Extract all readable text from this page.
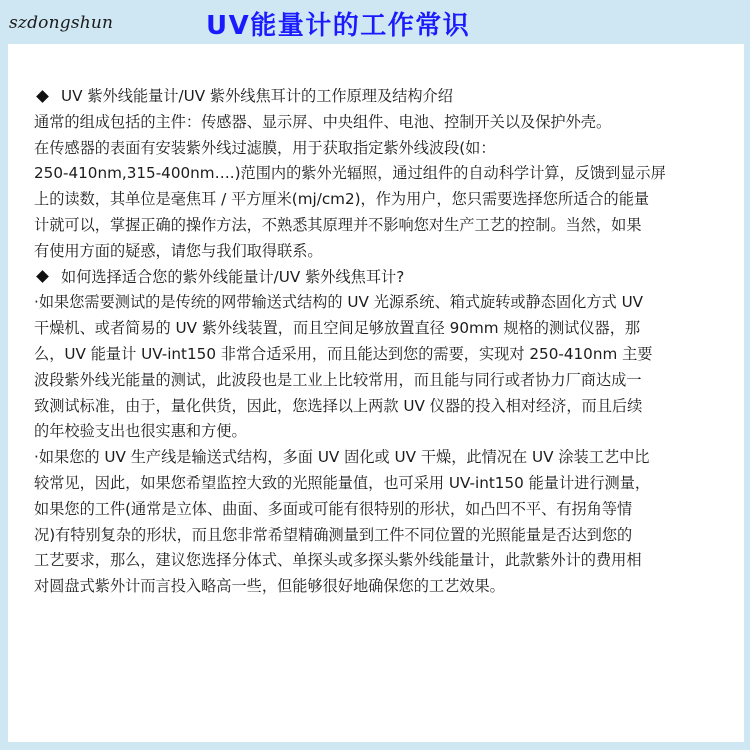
szdongshun	UV能量计的工作常识

UV 紫外线能量计/UV 紫外线焦耳计的工作原理及结构介绍

通常的组成包括的主件：传感器、显示屏、中央组件、电池、控制开关以及保护外壳。

在传感器的表面有安装紫外线过滤膜，用于获取指定紫外线波段(如：

250-410nm,315-400nm….)范围内的紫外光辐照，通过组件的自动科学计算，反馈到显示屏

上的读数，其单位是毫焦耳 / 平方厘米(mj/cm2)，作为用户，您只需要选择您所适合的能量

计就可以，掌握正确的操作方法，不熟悉其原理并不影响您对生产工艺的控制。当然，如果

有使用方面的疑惑，请您与我们取得联系。

如何选择适合您的紫外线能量计/UV 紫外线焦耳计?

·如果您需要测试的是传统的网带输送式结构的 UV 光源系统、箱式旋转或静态固化方式 UV

干燥机、或者简易的 UV 紫外线装置，而且空间足够放置直径 90mm 规格的测试仪器，那

么，UV 能量计 UV-int150 非常合适采用，而且能达到您的需要，实现对 250-410nm 主要

波段紫外线光能量的测试，此波段也是工业上比较常用，而且能与同行或者协力厂商达成一

致测试标准，由于，量化供货，因此，您选择以上两款 UV 仪器的投入相对经济，而且后续

的年校验支出也很实惠和方便。

·如果您的 UV 生产线是输送式结构，多面 UV 固化或 UV 干燥，此情况在 UV 涂装工艺中比

较常见，因此，如果您希望监控大致的光照能量值，也可采用 UV-int150 能量计进行测量，

如果您的工件(通常是立体、曲面、多面或可能有很特别的形状，如凸凹不平、有拐角等情

况)有特别复杂的形状，而且您非常希望精确测量到工件不同位置的光照能量是否达到您的

工艺要求，那么，建议您选择分体式、单探头或多探头紫外线能量计，此款紫外计的费用相

对圆盘式紫外计而言投入略高一些，但能够很好地确保您的工艺效果。
